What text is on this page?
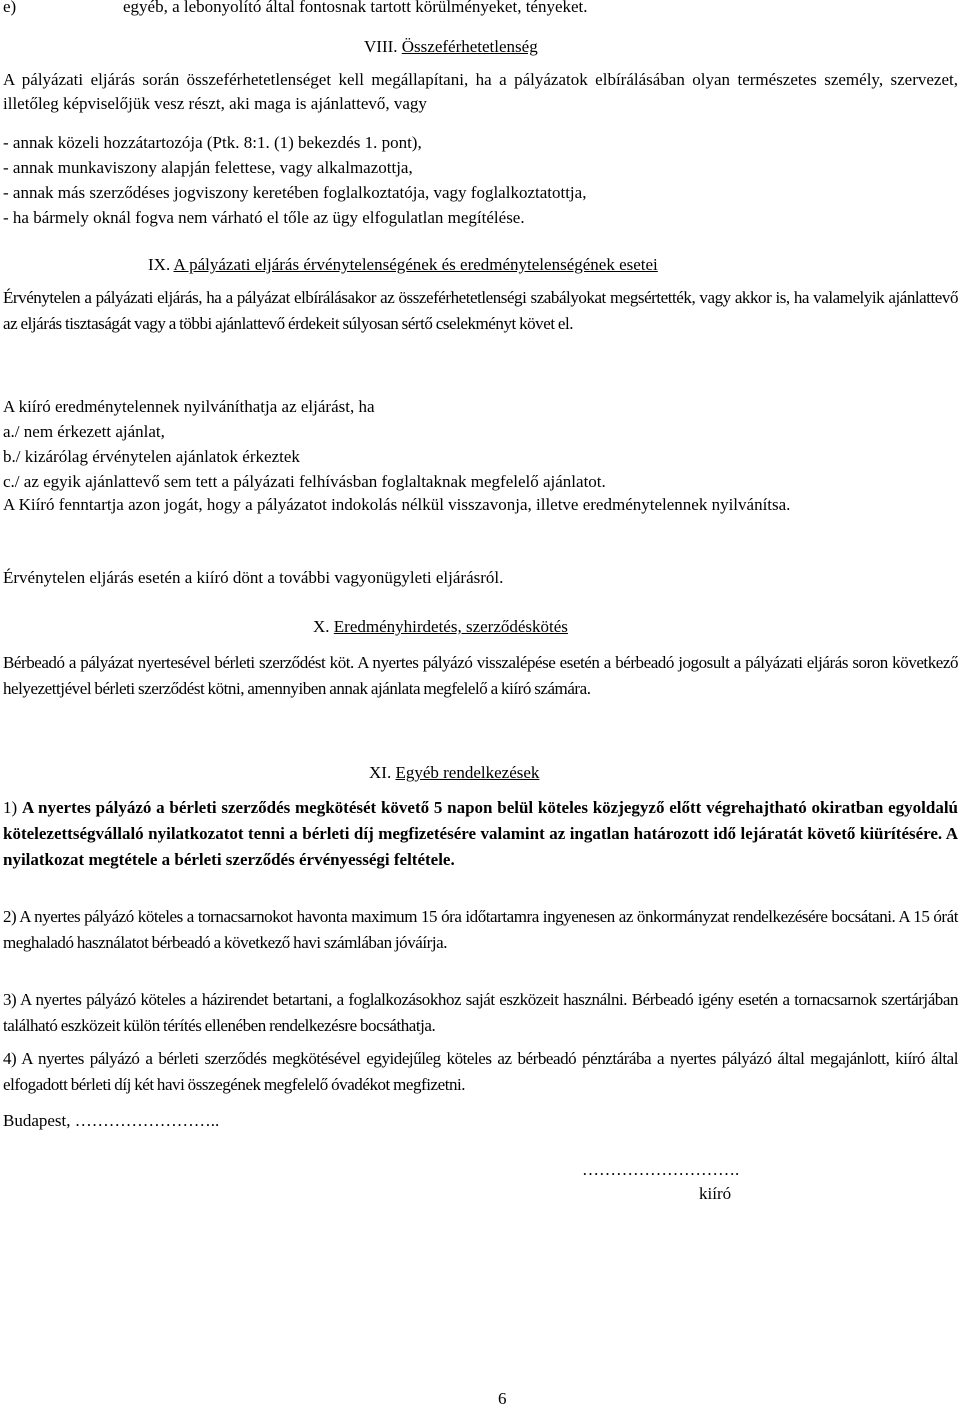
e)	egyéb, a lebonyolító által fontosnak tartott körülményeket, tényeket.
VIII. Összeférhetetlenség

A pályázati eljárás során összeférhetetlenséget kell megállapítani, ha a pályázatok elbírálásában olyan természetes személy, szervezet, illetőleg képviselőjük vesz részt, aki maga is ajánlattevő, vagy

- annak közeli hozzátartozója (Ptk. 8:1. (1) bekezdés 1. pont),
- annak munkaviszony alapján felettese, vagy alkalmazottja,
- annak más szerződéses jogviszony keretében foglalkoztatója, vagy foglalkoztatottja,
- ha bármely oknál fogva nem várható el tőle az ügy elfogulatlan megítélése.
IX. A pályázati eljárás érvénytelenségének és eredménytelenségének esetei

Érvénytelen a pályázati eljárás, ha a pályázat elbírálásakor az összeférhetetlenségi szabályokat megsértették, vagy akkor is, ha valamelyik ajánlattevő az eljárás tisztaságát vagy a többi ajánlattevő érdekeit súlyosan sértő cselekményt követ el.

A kiíró eredménytelennek nyilváníthatja az eljárást, ha
a./ nem érkezett ajánlat,
b./ kizárólag érvénytelen ajánlatok érkeztek
c./ az egyik ajánlattevő sem tett a pályázati felhívásban foglaltaknak megfelelő ajánlatot.

A Kiíró fenntartja azon jogát, hogy a pályázatot indokolás nélkül visszavonja, illetve eredménytelennek nyilvánítsa.

Érvénytelen eljárás esetén a kiíró dönt a további vagyonügyleti eljárásról.

X. Eredményhirdetés, szerződéskötés

Bérbeadó a pályázat nyertesével bérleti szerződést köt. A nyertes pályázó visszalépése esetén a bérbeadó jogosult a pályázati eljárás soron következő helyezettjével bérleti szerződést kötni, amennyiben annak ajánlata megfelelő a kiíró számára.

XI. Egyéb rendelkezések

1) A nyertes pályázó a bérleti szerződés megkötését követő 5 napon belül köteles közjegyző előtt végrehajtható okiratban egyoldalú kötelezettségvállaló nyilatkozatot tenni a bérleti díj megfizetésére valamint az ingatlan határozott idő lejáratát követő kiürítésére. A nyilatkozat megtétele a bérleti szerződés érvényességi feltétele.

2) A nyertes pályázó köteles a tornacsarnokot havonta maximum 15 óra időtartamra ingyenesen az önkormányzat rendelkezésére bocsátani. A 15 órát meghaladó használatot bérbeadó a következő havi számlában jóváírja.

3) A nyertes pályázó köteles a házirendet betartani, a foglalkozásokhoz saját eszközeit használni. Bérbeadó igény esetén a tornacsarnok szertárjában található eszközeit külön térítés ellenében rendelkezésre bocsáthatja.

4) A nyertes pályázó a bérleti szerződés megkötésével egyidejűleg köteles az bérbeadó pénztárába a nyertes pályázó által megajánlott, kiíró által elfogadott bérleti díj két havi összegének megfelelő óvadékot megfizetni.

Budapest, ……………………..
……………………….
kiíró
6
